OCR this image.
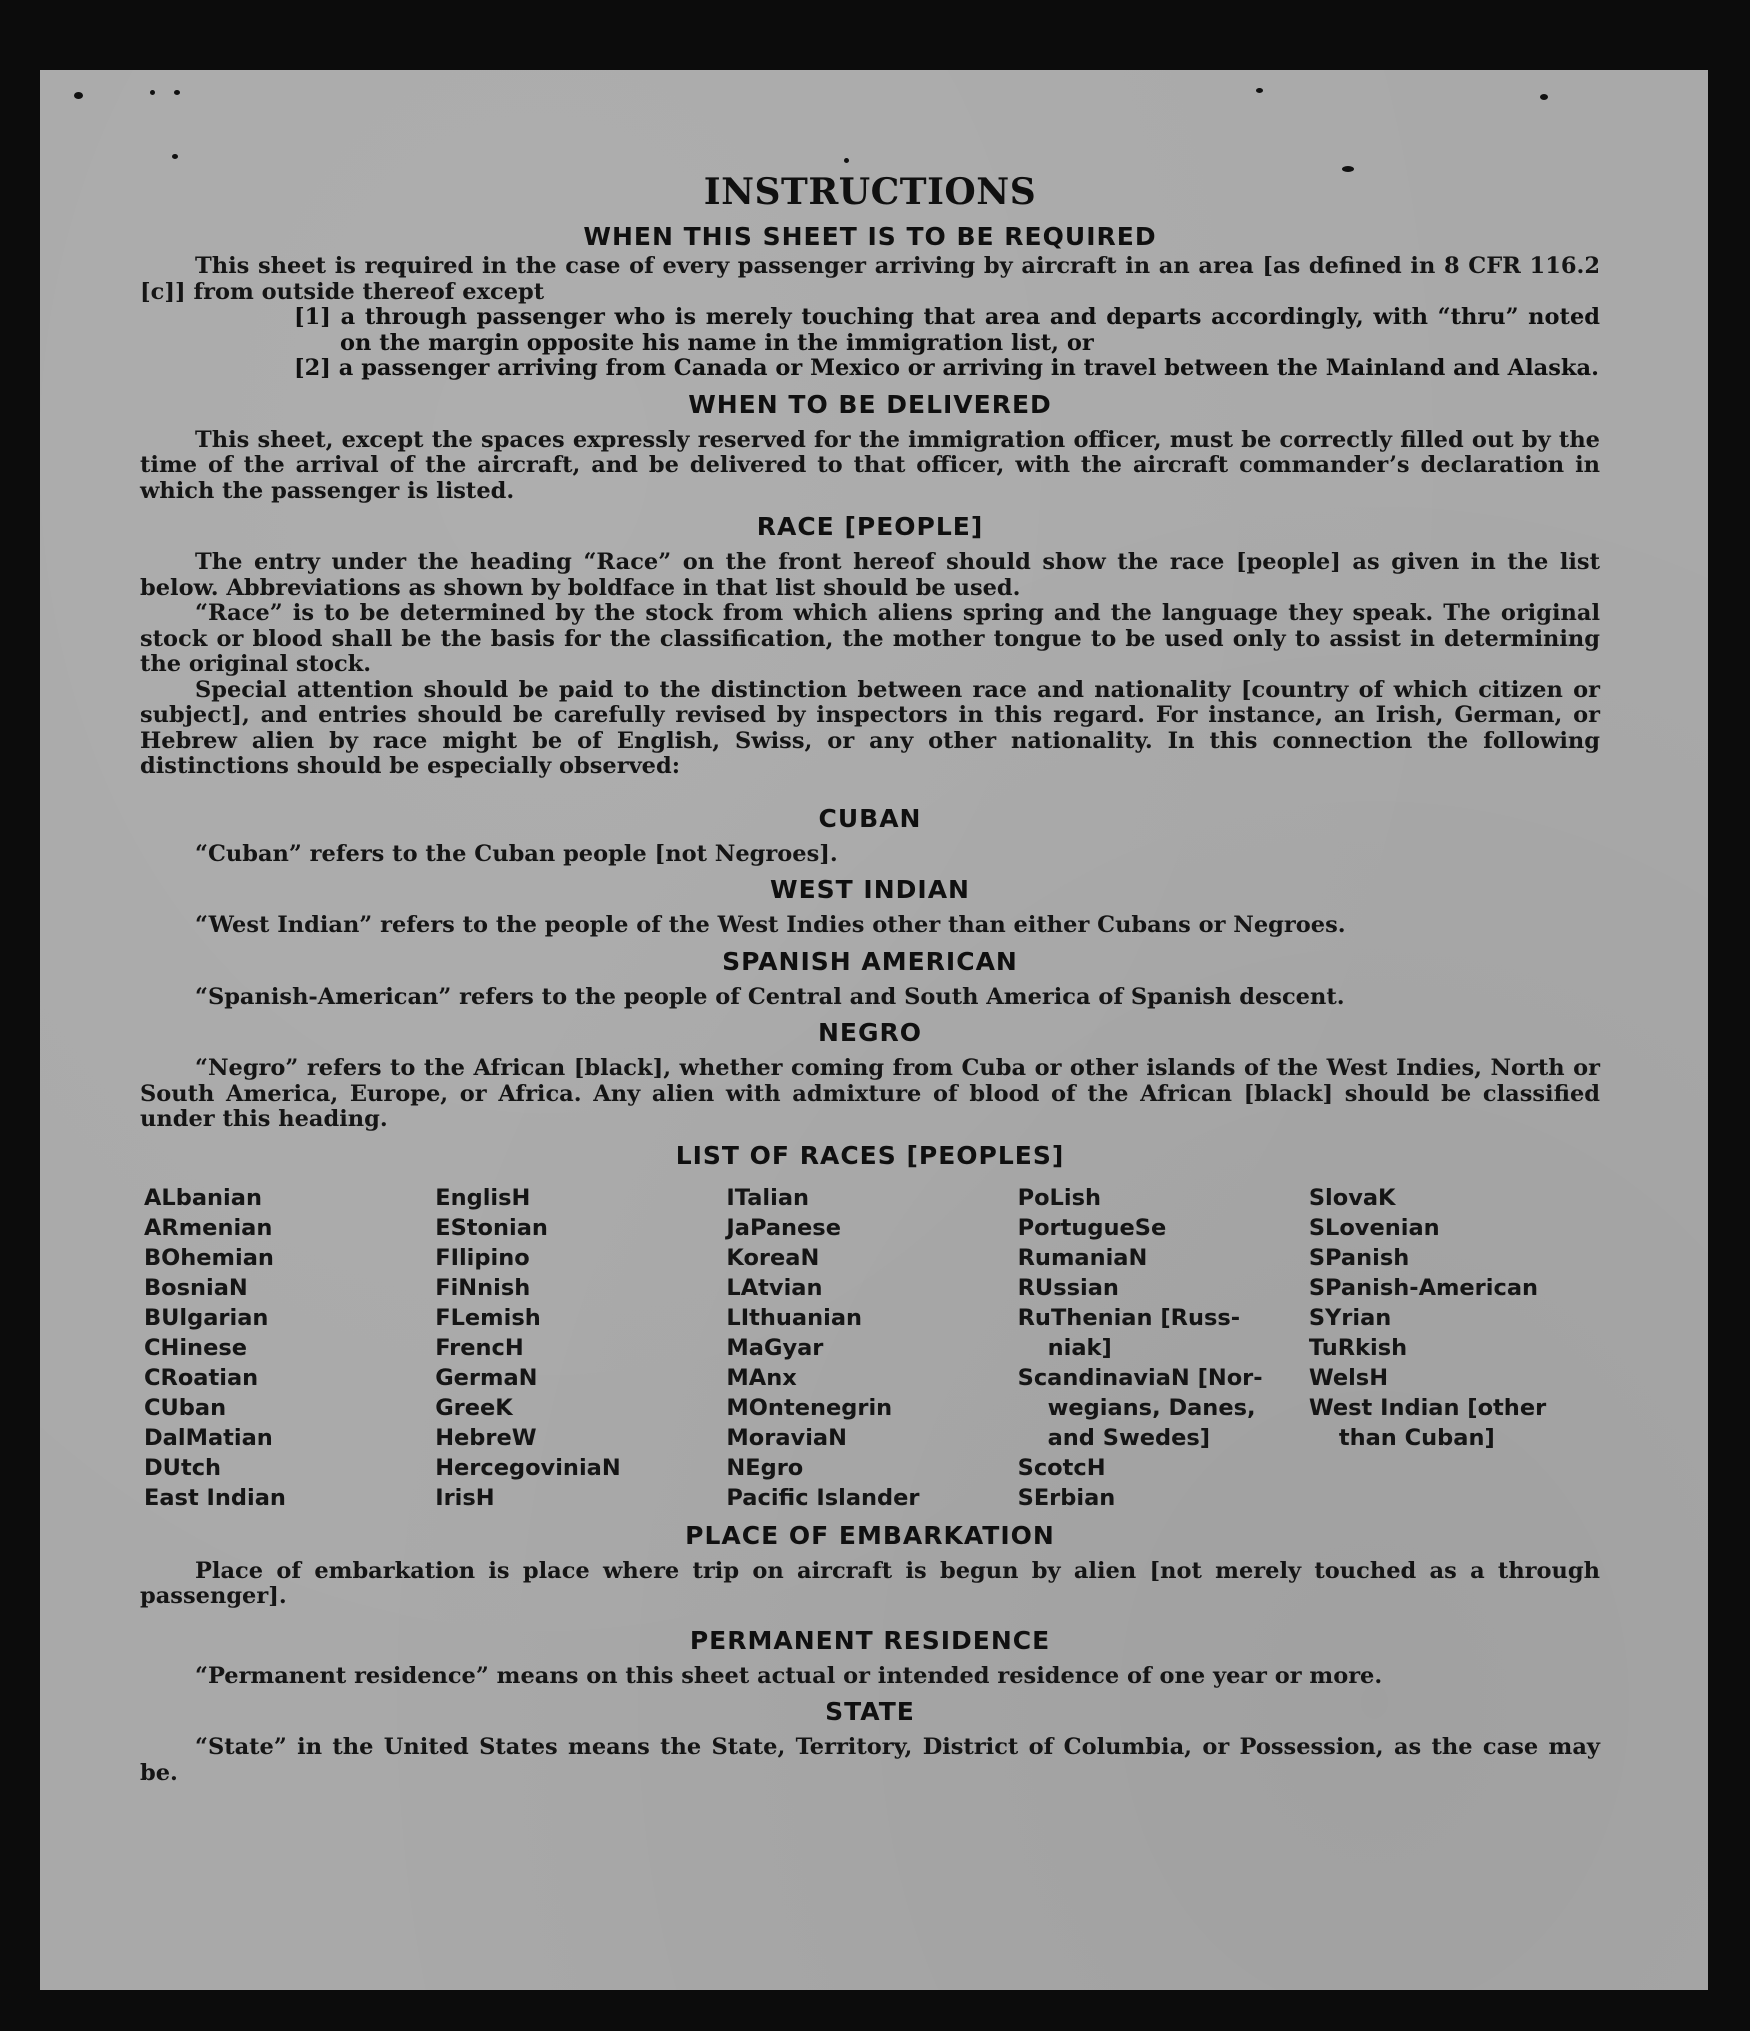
INSTRUCTIONS
WHEN THIS SHEET IS TO BE REQUIRED

This sheet is required in the case of every passenger arriving by aircraft in an area [as defined in 8 CFR 116.2 [c]] from outside thereof except

[1] a through passenger who is merely touching that area and departs accordingly, with “thru” noted on the margin opposite his name in the immigration list, or

[2] a passenger arriving from Canada or Mexico or arriving in travel between the Mainland and Alaska.

WHEN TO BE DELIVERED

This sheet, except the spaces expressly reserved for the immigration officer, must be correctly filled out by the time of the arrival of the aircraft, and be delivered to that officer, with the aircraft commander’s declaration in which the passenger is listed.

RACE [PEOPLE]

The entry under the heading “Race” on the front hereof should show the race [people] as given in the list below. Abbreviations as shown by boldface in that list should be used.

“Race” is to be determined by the stock from which aliens spring and the language they speak. The original stock or blood shall be the basis for the classification, the mother tongue to be used only to assist in determining the original stock.

Special attention should be paid to the distinction between race and nationality [country of which citizen or subject], and entries should be carefully revised by inspectors in this regard. For instance, an Irish, German, or Hebrew alien by race might be of English, Swiss, or any other nationality. In this connection the following distinctions should be especially observed:

CUBAN

“Cuban” refers to the Cuban people [not Negroes].

WEST INDIAN

“West Indian” refers to the people of the West Indies other than either Cubans or Negroes.

SPANISH AMERICAN

“Spanish-American” refers to the people of Central and South America of Spanish descent.

NEGRO

“Negro” refers to the African [black], whether coming from Cuba or other islands of the West Indies, North or South America, Europe, or Africa. Any alien with admixture of blood of the African [black] should be classified under this heading.

LIST OF RACES [PEOPLES]
ALbanian
ARmenian
BOhemian
BosniaN
BUlgarian
CHinese
CRoatian
CUban
DalMatian
DUtch
East Indian
EnglisH
EStonian
FIlipino
FiNnish
FLemish
FrencH
GermaN
GreeK
HebreW
HercegovinіaN
IrisH
ITalian
JaPanese
KoreaN
LAtvian
LIthuanian
MaGyar
MAnx
MOntenegrin
MoraviaN
NEgro
Pacific Islander
PoLish
PortugueSe
RumaniaN
RUssian
RuThenian [Russ-
niak]
ScandinaviaN [Nor-
wegians, Danes,
and Swedes]
ScotcH
SErbian
SlovaK
SLovenian
SPanish
SPanish-American
SYrian
TuRkish
WelsH
West Indian [other
than Cuban]
PLACE OF EMBARKATION

Place of embarkation is place where trip on aircraft is begun by alien [not merely touched as a through passenger].

PERMANENT RESIDENCE

“Permanent residence” means on this sheet actual or intended residence of one year or more.

STATE

“State” in the United States means the State, Territory, District of Columbia, or Possession, as the case may be.
